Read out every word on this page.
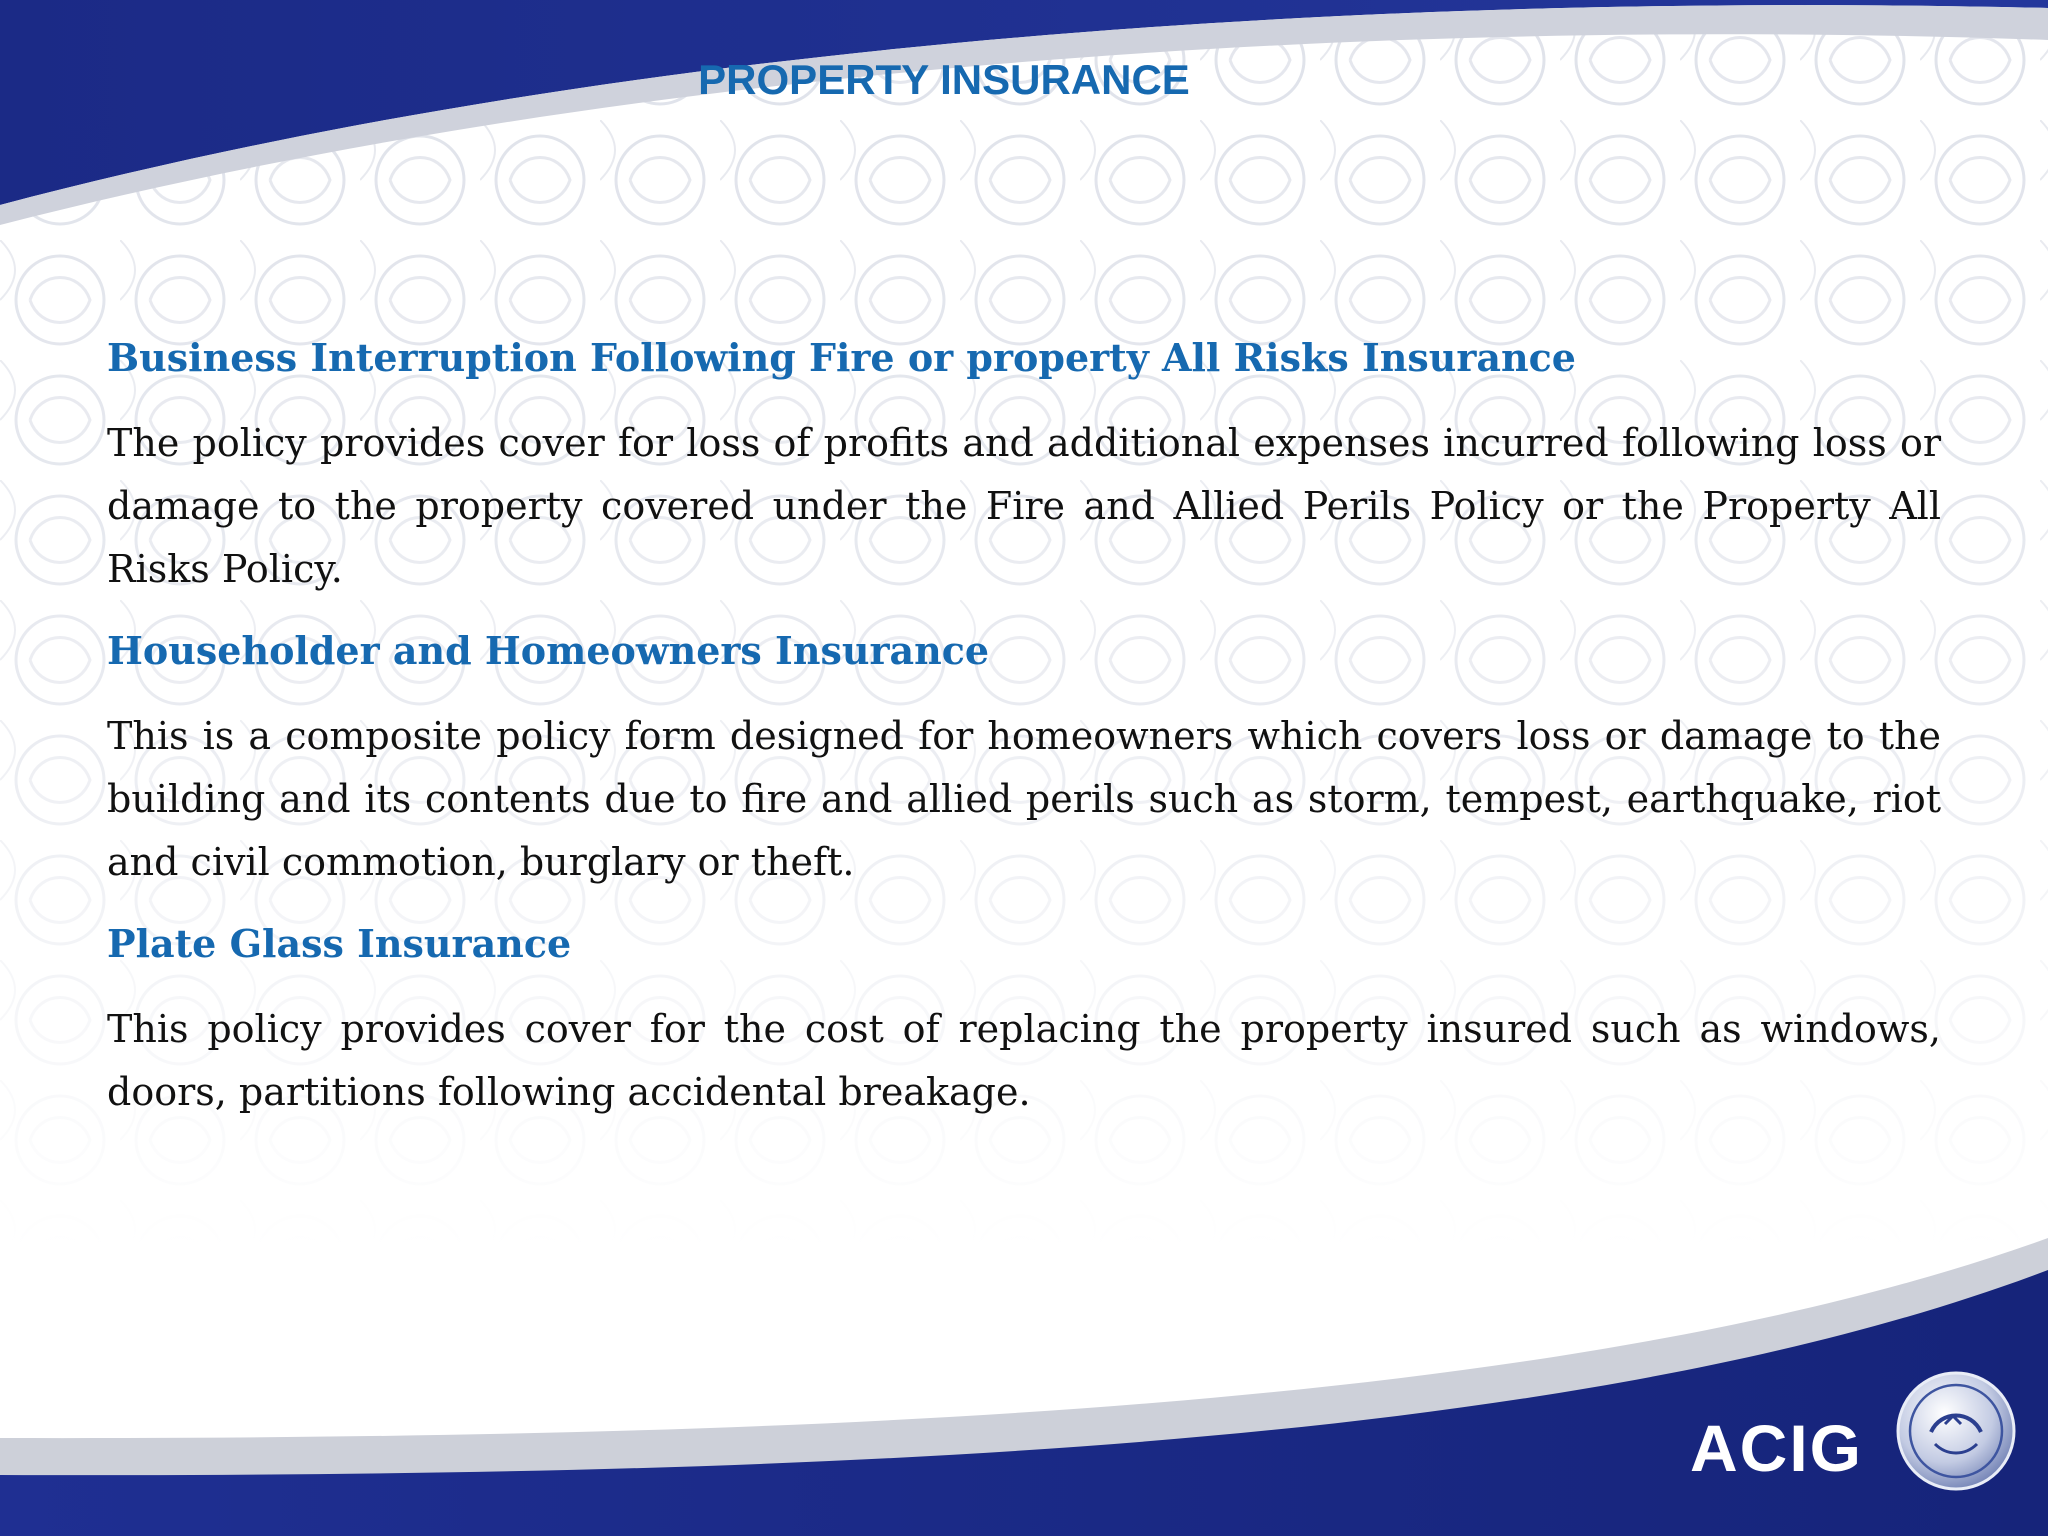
PROPERTY INSURANCE
Business Interruption Following Fire or property All Risks Insurance

The policy provides cover for loss of profits and additional expenses incurred following loss or damage to the property covered under the Fire and Allied Perils Policy or the Property All Risks Policy.

Householder and Homeowners Insurance

This is a composite policy form designed for homeowners which covers loss or damage to the building and its contents due to fire and allied perils such as storm, tempest, earthquake, riot and civil commotion, burglary or theft.

Plate Glass Insurance

This policy provides cover for the cost of replacing the property insured such as windows, doors, partitions following accidental breakage.

ACIG
